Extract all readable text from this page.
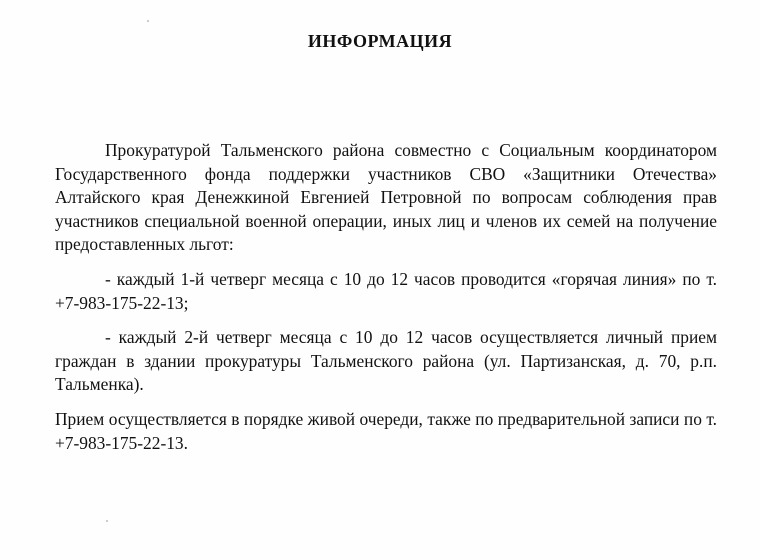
ИНФОРМАЦИЯ

Прокуратурой Тальменского района совместно с Социальным координатором Государственного фонда поддержки участников СВО «Защитники Отечества» Алтайского края Денежкиной Евгенией Петровной по вопросам соблюдения прав участников специальной военной операции, иных лиц и членов их семей на получение предоставленных льгот:

- каждый 1-й четверг месяца с 10 до 12 часов проводится «горячая линия» по т. +7-983-175-22-13;

- каждый 2-й четверг месяца с 10 до 12 часов осуществляется личный прием граждан в здании прокуратуры Тальменского района (ул. Партизанская, д. 70, р.п. Тальменка).

Прием осуществляется в порядке живой очереди, также по предварительной записи по т. +7-983-175-22-13.
